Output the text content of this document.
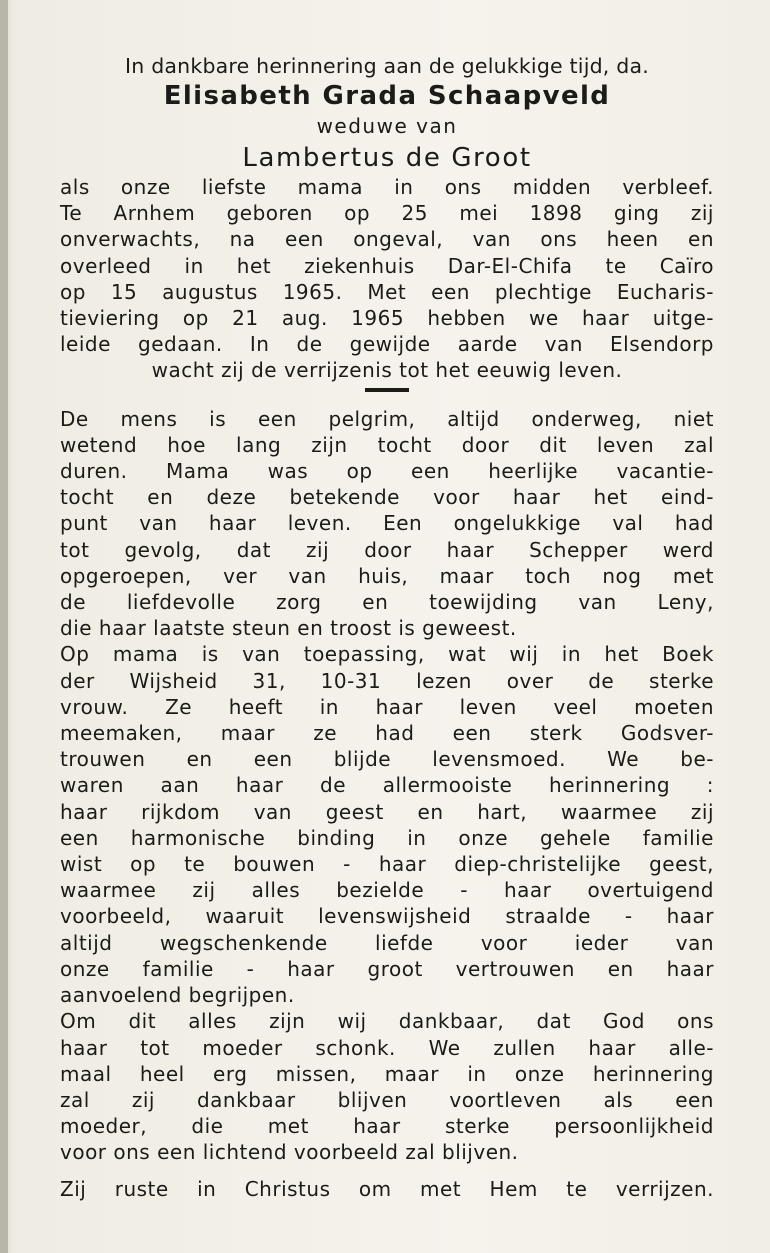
In dankbare herinnering aan de gelukkige tijd, da.
Elisabeth Grada Schaapveld
weduwe van
Lambertus de Groot

als onze liefste mama in ons midden verbleef.

Te Arnhem geboren op 25 mei 1898 ging zij

onverwachts, na een ongeval, van ons heen en

overleed in het ziekenhuis Dar-El-Chifa te Caïro

op 15 augustus 1965. Met een plechtige Eucharis-

tieviering op 21 aug. 1965 hebben we haar uitge-

leide gedaan. In de gewijde aarde van Elsendorp

wacht zij de verrijzenis tot het eeuwig leven.

De mens is een pelgrim, altijd onderweg, niet

wetend hoe lang zijn tocht door dit leven zal

duren. Mama was op een heerlijke vacantie-

tocht en deze betekende voor haar het eind-

punt van haar leven. Een ongelukkige val had

tot gevolg, dat zij door haar Schepper werd

opgeroepen, ver van huis, maar toch nog met

de liefdevolle zorg en toewijding van Leny,

die haar laatste steun en troost is geweest.

Op mama is van toepassing, wat wij in het Boek

der Wijsheid 31, 10-31 lezen over de sterke

vrouw. Ze heeft in haar leven veel moeten

meemaken, maar ze had een sterk Godsver-

trouwen en een blijde levensmoed. We be-

waren aan haar de allermooiste herinnering :

haar rijkdom van geest en hart, waarmee zij

een harmonische binding in onze gehele familie

wist op te bouwen - haar diep-christelijke geest,

waarmee zij alles bezielde - haar overtuigend

voorbeeld, waaruit levenswijsheid straalde - haar

altijd wegschenkende liefde voor ieder van

onze familie - haar groot vertrouwen en haar

aanvoelend begrijpen.

Om dit alles zijn wij dankbaar, dat God ons

haar tot moeder schonk. We zullen haar alle-

maal heel erg missen, maar in onze herinnering

zal zij dankbaar blijven voortleven als een

moeder, die met haar sterke persoonlijkheid

voor ons een lichtend voorbeeld zal blijven.

Zij ruste in Christus om met Hem te verrijzen.
